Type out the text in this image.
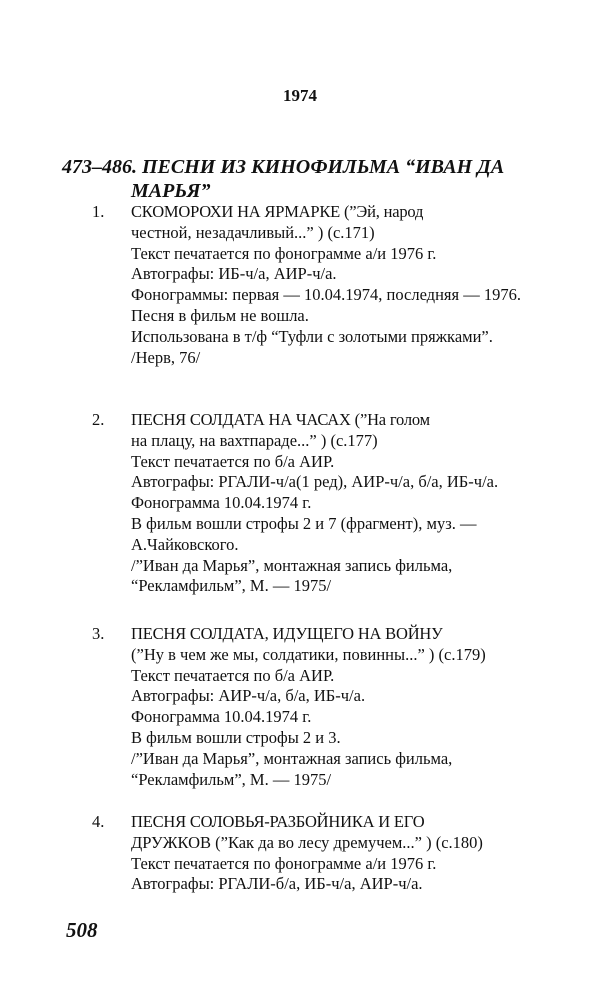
1974
473–486. ПЕСНИ ИЗ КИНОФИЛЬМА “ИВАН ДА
МАРЬЯ”
1.	СКОМОРОХИ НА ЯРМАРКЕ (”Эй, народ
честной, незадачливый...” ) (с.171)
Текст печатается по фонограмме а/и 1976 г.
Автографы: ИБ-ч/а, АИР-ч/а.
Фонограммы: первая — 10.04.1974, последняя — 1976.
Песня в фильм не вошла.
Использована в т/ф “Туфли с золотыми пряжками”.
/Нерв, 76/
2.	ПЕСНЯ СОЛДАТА НА ЧАСАХ (”На голом
на плацу, на вахтпараде...” ) (с.177)
Текст печатается по б/а АИР.
Автографы: РГАЛИ-ч/а(1 ред), АИР-ч/а, б/а, ИБ-ч/а.
Фонограмма 10.04.1974 г.
В фильм вошли строфы 2 и 7 (фрагмент), муз. —
А.Чайковского.
/”Иван да Марья”, монтажная запись фильма,
“Рекламфильм”, М. — 1975/
3.	ПЕСНЯ СОЛДАТА, ИДУЩЕГО НА ВОЙНУ
(”Ну в чем же мы, солдатики, повинны...” ) (с.179)
Текст печатается по б/а АИР.
Автографы: АИР-ч/а, б/а, ИБ-ч/а.
Фонограмма 10.04.1974 г.
В фильм вошли строфы 2 и 3.
/”Иван да Марья”, монтажная запись фильма,
“Рекламфильм”, М. — 1975/
4.	ПЕСНЯ СОЛОВЬЯ-РАЗБОЙНИКА И ЕГО
ДРУЖКОВ (”Как да во лесу дремучем...” ) (с.180)
Текст печатается по фонограмме а/и 1976 г.
Автографы: РГАЛИ-б/а, ИБ-ч/а, АИР-ч/а.
508
